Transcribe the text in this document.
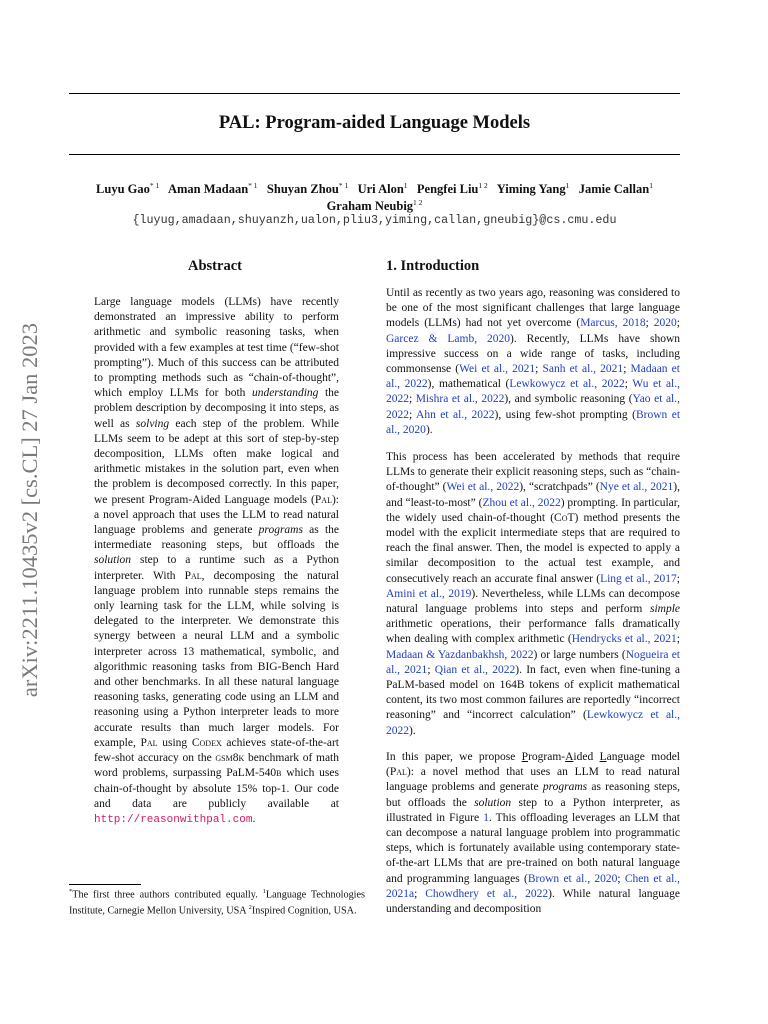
PAL: Program-aided Language Models
Luyu Gao$^{* 1}$ Aman Madaan$^{* 1}$ Shuyan Zhou$^{* 1}$ Uri Alon$^1$ Pengfei Liu$^{1 2}$ Yiming Yang$^1$ Jamie Callan$^1$
Graham Neubig$^{1 2}$
{luyug,amadaan,shuyanzh,ualon,pliu3,yiming,callan,gneubig}@cs.cmu.edu
arXiv:2211.10435v2 [cs.CL] 27 Jan 2023
Abstract	1. Introduction
Large language models (LLMs) have recently demonstrated an impressive ability to perform arithmetic and symbolic reasoning tasks, when provided with a few examples at test time (“few-shot prompting”). Much of this success can be attributed to prompting methods such as “chain-of-thought”, which employ LLMs for both understanding the problem description by decomposing it into steps, as well as solving each step of the problem. While LLMs seem to be adept at this sort of step-by-step decomposition, LLMs often make logical and arithmetic mistakes in the solution part, even when the problem is decomposed correctly. In this paper, we present Program-Aided Language models (Pal): a novel approach that uses the LLM to read natural language problems and generate programs as the intermediate reasoning steps, but offloads the solution step to a runtime such as a Python interpreter. With Pal, decomposing the natural language problem into runnable steps remains the only learning task for the LLM, while solving is delegated to the interpreter. We demonstrate this synergy between a neural LLM and a symbolic interpreter across 13 mathematical, symbolic, and algorithmic reasoning tasks from BIG-Bench Hard and other benchmarks. In all these natural language reasoning tasks, generating code using an LLM and reasoning using a Python interpreter leads to more accurate results than much larger models. For example, Pal using Codex achieves state-of-the-art few-shot accuracy on the gsm8k benchmark of math word problems, surpassing PaLM-540b which uses chain-of-thought by absolute 15% top-1. Our code and data are publicly available at http://reasonwithpal.com.
Until as recently as two years ago, reasoning was considered to be one of the most significant challenges that large language models (LLMs) had not yet overcome (Marcus, 2018; 2020; Garcez & Lamb, 2020). Recently, LLMs have shown impressive success on a wide range of tasks, including commonsense (Wei et al., 2021; Sanh et al., 2021; Madaan et al., 2022), mathematical (Lewkowycz et al., 2022; Wu et al., 2022; Mishra et al., 2022), and symbolic reasoning (Yao et al., 2022; Ahn et al., 2022), using few-shot prompting (Brown et al., 2020).
This process has been accelerated by methods that require LLMs to generate their explicit reasoning steps, such as “chain-of-thought” (Wei et al., 2022), “scratchpads” (Nye et al., 2021), and “least-to-most” (Zhou et al., 2022) prompting. In particular, the widely used chain-of-thought (CoT) method presents the model with the explicit intermediate steps that are required to reach the final answer. Then, the model is expected to apply a similar decomposition to the actual test example, and consecutively reach an accurate final answer (Ling et al., 2017; Amini et al., 2019). Nevertheless, while LLMs can decompose natural language problems into steps and perform simple arithmetic operations, their performance falls dramatically when dealing with complex arithmetic (Hendrycks et al., 2021; Madaan & Yazdanbakhsh, 2022) or large numbers (Nogueira et al., 2021; Qian et al., 2022). In fact, even when fine-tuning a PaLM-based model on 164B tokens of explicit mathematical content, its two most common failures are reportedly “incorrect reasoning” and “incorrect calculation” (Lewkowycz et al., 2022).
In this paper, we propose Program-Aided Language model (Pal): a novel method that uses an LLM to read natural language problems and generate programs as reasoning steps, but offloads the solution step to a Python interpreter, as illustrated in Figure 1. This offloading leverages an LLM that can decompose a natural language problem into programmatic steps, which is fortunately available using contemporary state-of-the-art LLMs that are pre-trained on both natural language and programming languages (Brown et al., 2020; Chen et al., 2021a; Chowdhery et al., 2022). While natural language understanding and decomposition
*The first three authors contributed equally. $^1$Language Technologies Institute, Carnegie Mellon University, USA $^2$Inspired Cognition, USA.
